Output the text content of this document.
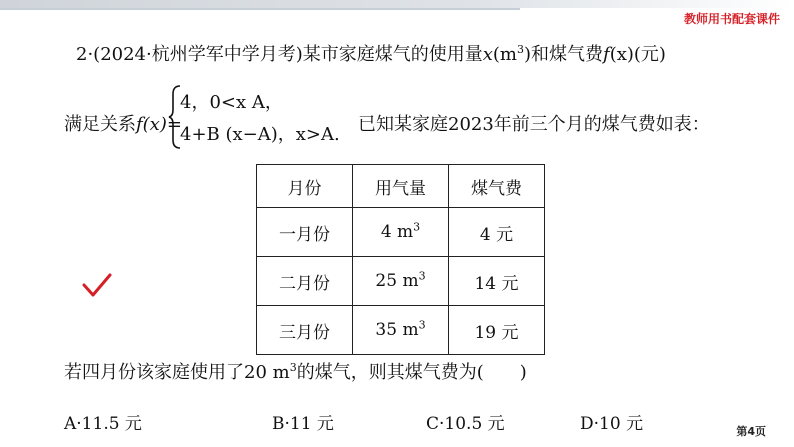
教师用书配套课件
2·(2024·杭州学军中学月考)某市家庭煤气的使用量$x(m^3)$和煤气费f(x)(元)
满足关系f(x)=
4，0<x A，
4+B (x−A)，x>A. 已知某家庭2023年前三个月的煤气费如表：
月份	用气量	煤气费
一月份	4 $m^3$	4 元
二月份	25 $m^3$	14 元
三月份	35 $m^3$	19 元
若四月份该家庭使用了20 $m^3$的煤气，则其煤气费为(　　)
A·11.5 元	B·11 元	C·10.5 元	D·10 元	第4页
